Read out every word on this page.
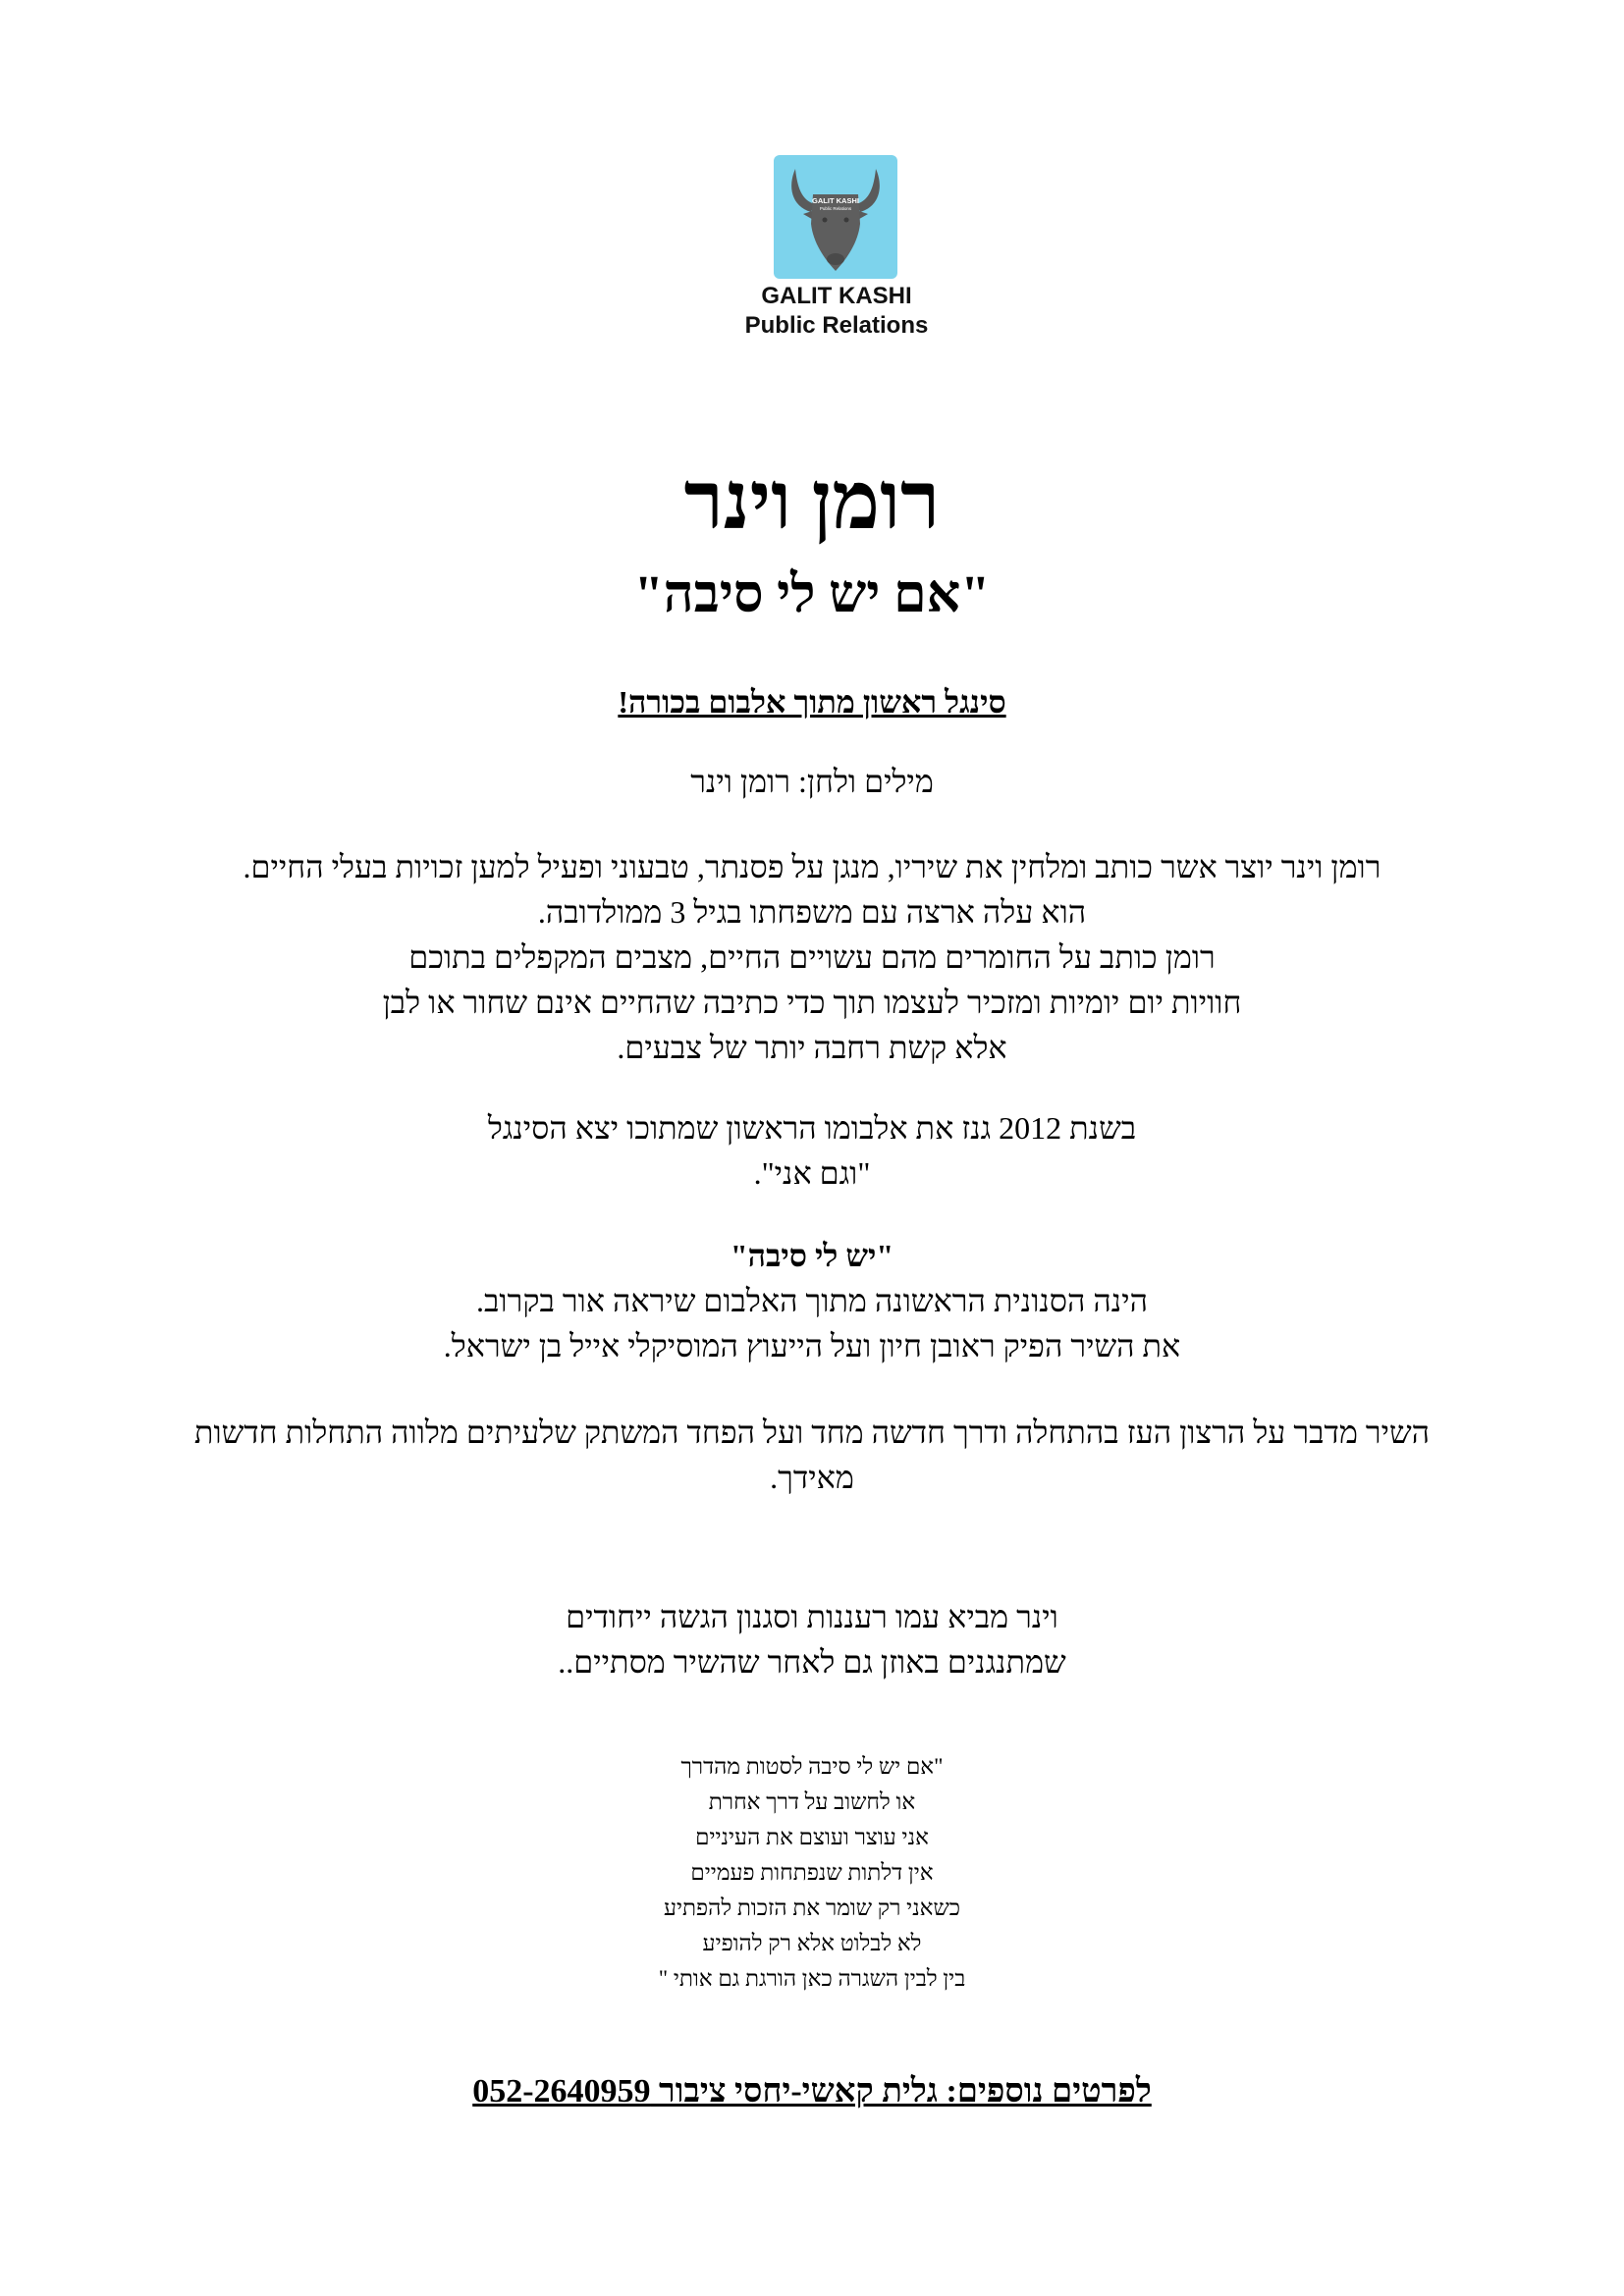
GALIT KASHI
Public Relations
GALIT KASHI
Public Relations
רומן וינר
"אם יש לי סיבה"
סינגל ראשון מתוך אלבום בכורה!
מילים ולחן: רומן וינר

רומן וינר יוצר אשר כותב ומלחין את שיריו, מנגן על פסנתר, טבעוני ופעיל למען זכויות בעלי החיים.

הוא עלה ארצה עם משפחתו בגיל 3 ממולדובה.

רומן כותב על החומרים מהם עשויים החיים, מצבים המקפלים בתוכם

חוויות יום יומיות ומזכיר לעצמו תוך כדי כתיבה שהחיים אינם שחור או לבן

אלא קשת רחבה יותר של צבעים.

בשנת 2012 גנז את אלבומו הראשון שמתוכו יצא הסינגל

"וגם אני".

"יש לי סיבה"

הינה הסנונית הראשונה מתוך האלבום שיראה אור בקרוב.

את השיר הפיק ראובן חיון ועל הייעוץ המוסיקלי אייל בן ישראל.

השיר מדבר על הרצון העז בהתחלה ודרך חדשה מחד ועל הפחד המשתק שלעיתים מלווה התחלות חדשות

מאידך.

וינר מביא עמו רעננות וסגנון הגשה ייחודים

שמתנגנים באוזן גם לאחר שהשיר מסתיים..

"אם יש לי סיבה לסטות מהדרך

או לחשוב על דרך אחרת

אני עוצר ועוצם את העיניים

אין דלתות שנפתחות פעמיים

כשאני רק שומר את הזכות להפתיע

לא לבלוט אלא רק להופיע

בין לבין השגרה כאן הורגת גם אותי "

לפרטים נוספים: גלית קאשי-יחסי ציבור 052-2640959
